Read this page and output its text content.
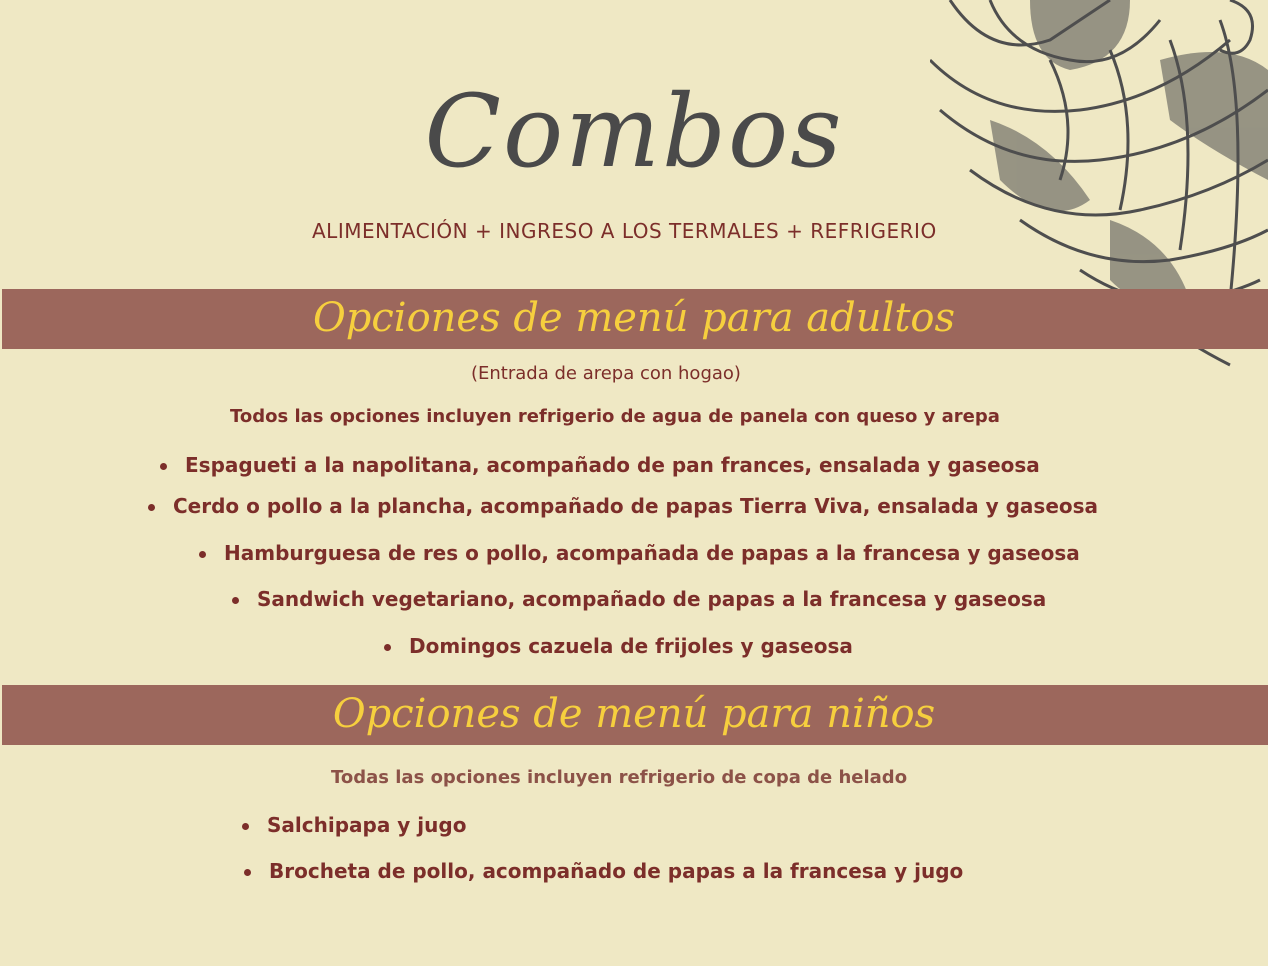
Combos
ALIMENTACIÓN + INGRESO A LOS TERMALES + REFRIGERIO
Opciones de menú para adultos
(Entrada de arepa con hogao)
Todos las opciones incluyen refrigerio de agua de panela con queso y arepa
Espagueti a la napolitana, acompañado de pan frances, ensalada y gaseosa
Cerdo o pollo a la plancha, acompañado de papas Tierra Viva, ensalada y gaseosa
Hamburguesa de res o pollo, acompañada de papas a la francesa y gaseosa
Sandwich vegetariano, acompañado de papas a la francesa y gaseosa
Domingos cazuela de frijoles y gaseosa
Opciones de menú para niños
Todas las opciones incluyen refrigerio de copa de helado
Salchipapa y jugo
Brocheta de pollo, acompañado de papas a la francesa y jugo
